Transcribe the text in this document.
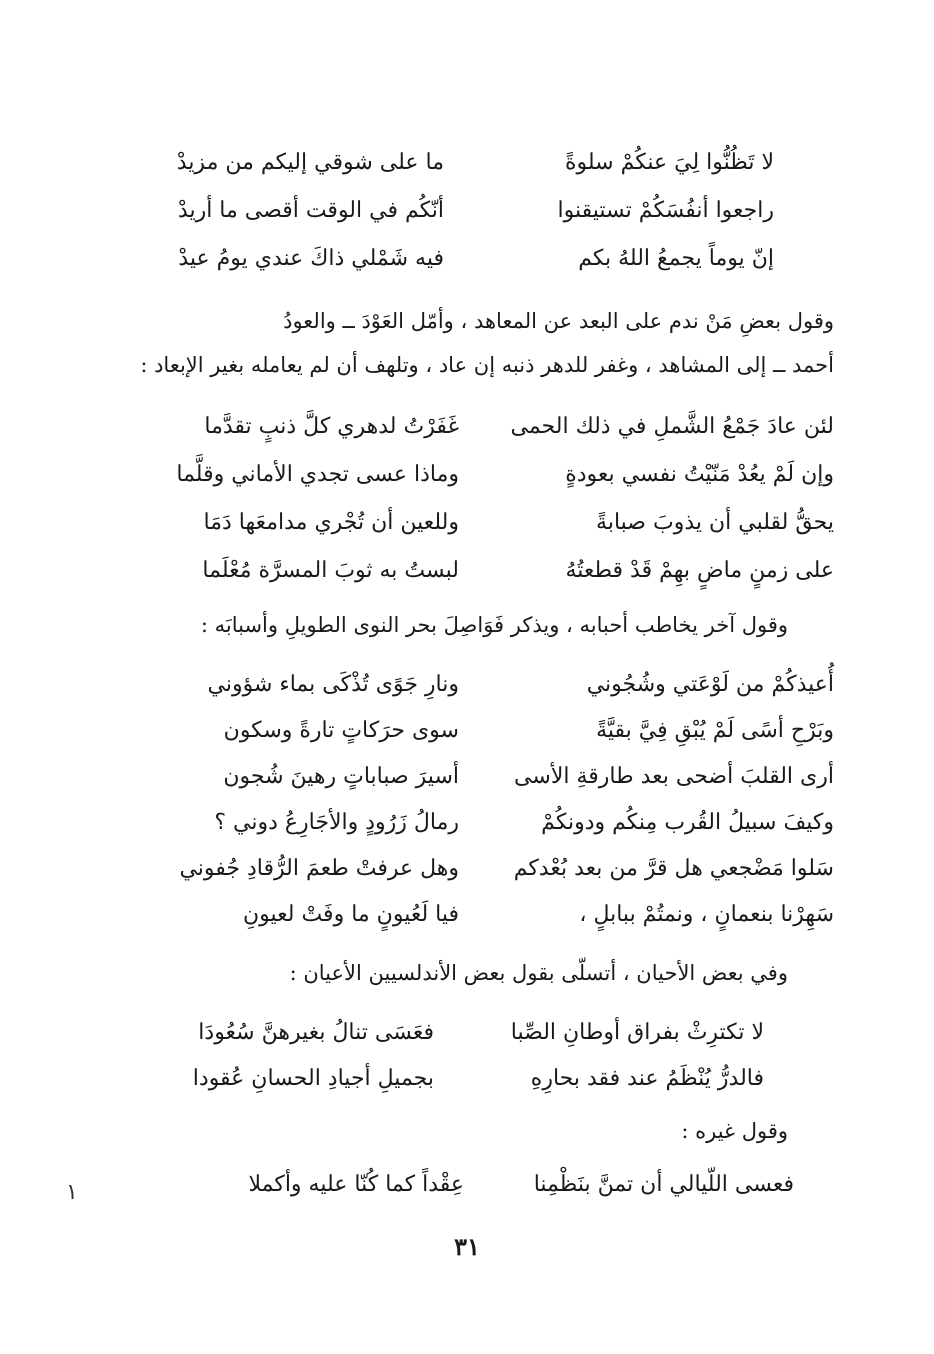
لا تَظُنُّوا لِيَ عنكُمْ سلوةً
ما على شوقي إليكم من مزيدْ
راجعوا أنفُسَكُمْ تستيقنوا
أنّكُم في الوقت أقصى ما أريدْ
إنّ يوماً يجمعُ اللهُ بكم
فيه شَمْلي ذاكَ عندي يومُ عيدْ
وقول بعضِ مَنْ ندم على البعد عن المعاهد ، وأمّل العَوْدَ ــ والعودُ
أحمد ــ إلى المشاهد ، وغفر للدهر ذنبه إن عاد ، وتلهف أن لم يعامله بغير الإبعاد :
لئن عادَ جَمْعُ الشَّملِ في ذلك الحمى
غَفَرْتُ لدهري كلَّ ذنبٍ تقدَّما
وإن لَمْ يعُدْ مَنّيْتُ نفسي بعودةٍ
وماذا عسى تجدي الأماني وقلَّما
يحقُّ لقلبي أن يذوبَ صبابةً
وللعين أن تُجْري مدامعَها دَمَا
على زمنٍ ماضٍ بهِمْ قَدْ قطعتُهُ
لبستُ به ثوبَ المسرَّة مُعْلَما
وقول آخر يخاطب أحبابه ، ويذكر فَوَاصِلَ بحر النوى الطويلِ وأسبابَه :
أُعيذكُمْ من لَوْعَتي وشُجُوني
ونارِ جَوًى تُذْكَى بماء شؤوني
وبَرْحِ أسًى لَمْ يُبْقِ فِيَّ بقيَّةً
سوى حرَكاتٍ تارةً وسكون
أرى القلبَ أضحى بعد طارقةِ الأسى
أسيرَ صباباتٍ رهينَ شُجون
وكيفَ سبيلُ القُرب مِنكُم ودونكُمْ
رمالُ زَرُودٍ والأجَارِعُ دوني ؟
سَلوا مَضْجعي هل قرَّ من بعد بُعْدكم
وهل عرفتْ طعمَ الرُّقادِ جُفوني
سَهِرْنا بنعمانٍ ، ونمتُمْ ببابلٍ ،
فيا لَعُيونٍ ما وفَتْ لعيونِ
وفي بعض الأحيان ، أتسلّى بقول بعض الأندلسيين الأعيان :
لا تكترِثْ بفراق أوطانِ الصِّبا
فعَسَى تنالُ بغيرهنَّ سُعُودَا
فالدرُّ يُنْظَمُ عند فقد بحارِهِ
بجميلِ أجيادِ الحسانِ عُقودا
وقول غيره :
فعسى اللّيالي أن تمنَّ بنَظْمِنا
عِقْداً كما كُنّا عليه وأكملا
١
٣١
